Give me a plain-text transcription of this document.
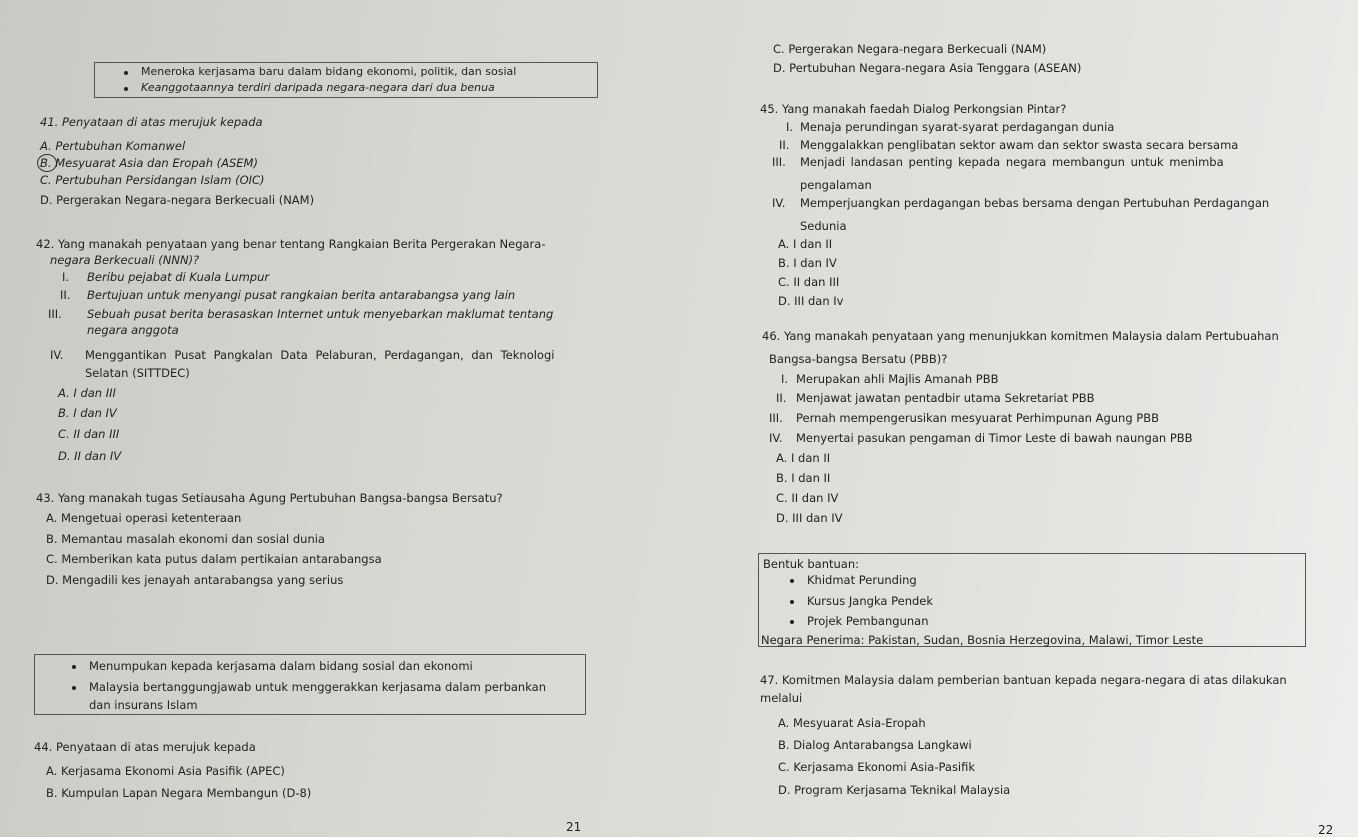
Meneroka kerjasama baru dalam bidang ekonomi, politik, dan sosial
Keanggotaannya terdiri daripada negara-negara dari dua benua
41. Penyataan di atas merujuk kepada
A. Pertubuhan Komanwel
B. Mesyuarat Asia dan Eropah (ASEM)
C. Pertubuhan Persidangan Islam (OIC)
D. Pergerakan Negara-negara Berkecuali (NAM)
42. Yang manakah penyataan yang benar tentang Rangkaian Berita Pergerakan Negara-
negara Berkecuali (NNN)?
I. Beribu pejabat di Kuala Lumpur
II. Bertujuan untuk menyangi pusat rangkaian berita antarabangsa yang lain
III. Sebuah pusat berita berasaskan Internet untuk menyebarkan maklumat tentang
negara anggota
IV. Menggantikan Pusat Pangkalan Data Pelaburan, Perdagangan, dan Teknologi
Selatan (SITTDEC)
A. I dan III
B. I dan IV
C. II dan III
D. II dan IV
43. Yang manakah tugas Setiausaha Agung Pertubuhan Bangsa-bangsa Bersatu?
A. Mengetuai operasi ketenteraan
B. Memantau masalah ekonomi dan sosial dunia
C. Memberikan kata putus dalam pertikaian antarabangsa
D. Mengadili kes jenayah antarabangsa yang serius
Menumpukan kepada kerjasama dalam bidang sosial dan ekonomi
Malaysia bertanggungjawab untuk menggerakkan kerjasama dalam perbankan
dan insurans Islam
44. Penyataan di atas merujuk kepada
A. Kerjasama Ekonomi Asia Pasifik (APEC)
B. Kumpulan Lapan Negara Membangun (D-8)
21
C. Pergerakan Negara-negara Berkecuali (NAM)
D. Pertubuhan Negara-negara Asia Tenggara (ASEAN)
45. Yang manakah faedah Dialog Perkongsian Pintar?
I. Menaja perundingan syarat-syarat perdagangan dunia
II. Menggalakkan penglibatan sektor awam dan sektor swasta secara bersama
III. Menjadi landasan penting kepada negara membangun untuk menimba
pengalaman
IV. Memperjuangkan perdagangan bebas bersama dengan Pertubuhan Perdagangan
Sedunia
A. I dan II
B. I dan IV
C. II dan III
D. III dan Iv
46. Yang manakah penyataan yang menunjukkan komitmen Malaysia dalam Pertubuahan
Bangsa-bangsa Bersatu (PBB)?
I. Merupakan ahli Majlis Amanah PBB
II. Menjawat jawatan pentadbir utama Sekretariat PBB
III. Pernah mempengerusikan mesyuarat Perhimpunan Agung PBB
IV. Menyertai pasukan pengaman di Timor Leste di bawah naungan PBB
A. I dan II
B. I dan II
C. II dan IV
D. III dan IV
Bentuk bantuan:
Khidmat Perunding
Kursus Jangka Pendek
Projek Pembangunan
Negara Penerima: Pakistan, Sudan, Bosnia Herzegovina, Malawi, Timor Leste
47. Komitmen Malaysia dalam pemberian bantuan kepada negara-negara di atas dilakukan
melalui
A. Mesyuarat Asia-Eropah
B. Dialog Antarabangsa Langkawi
C. Kerjasama Ekonomi Asia-Pasifik
D. Program Kerjasama Teknikal Malaysia
22
